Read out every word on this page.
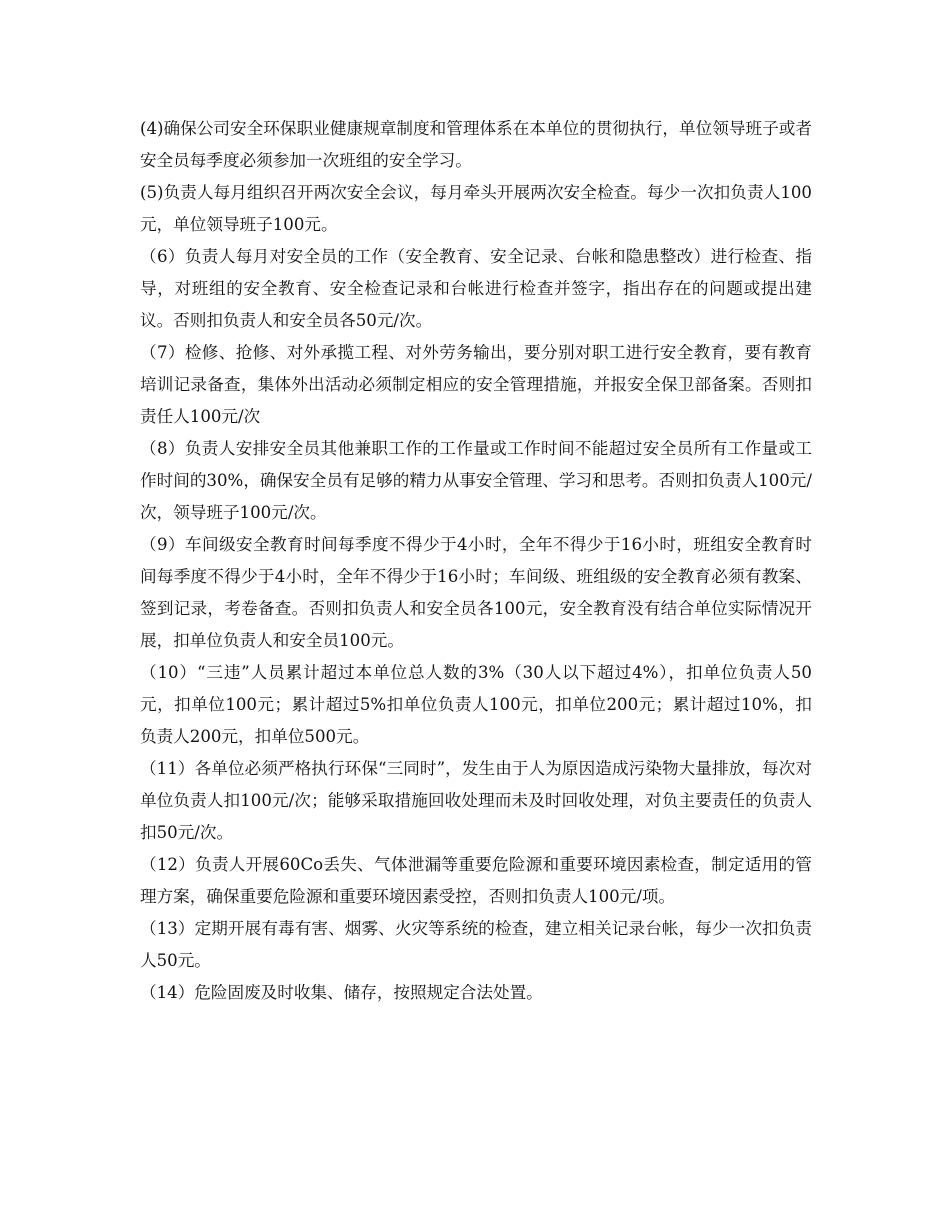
(4)确保公司安全环保职业健康规章制度和管理体系在本单位的贯彻执行，单位领导班子或者安全员每季度必须参加一次班组的安全学习。

(5)负责人每月组织召开两次安全会议，每月牵头开展两次安全检查。每少一次扣负责人100元，单位领导班子100元。

（6）负责人每月对安全员的工作（安全教育、安全记录、台帐和隐患整改）进行检查、指导，对班组的安全教育、安全检查记录和台帐进行检查并签字，指出存在的问题或提出建议。否则扣负责人和安全员各50元/次。

（7）检修、抢修、对外承揽工程、对外劳务输出，要分别对职工进行安全教育，要有教育培训记录备查，集体外出活动必须制定相应的安全管理措施，并报安全保卫部备案。否则扣责任人100元/次

（8）负责人安排安全员其他兼职工作的工作量或工作时间不能超过安全员所有工作量或工作时间的30%，确保安全员有足够的精力从事安全管理、学习和思考。否则扣负责人100元/次，领导班子100元/次。

（9）车间级安全教育时间每季度不得少于4小时，全年不得少于16小时，班组安全教育时间每季度不得少于4小时，全年不得少于16小时；车间级、班组级的安全教育必须有教案、签到记录，考卷备查。否则扣负责人和安全员各100元，安全教育没有结合单位实际情况开展，扣单位负责人和安全员100元。

（10）“三违”人员累计超过本单位总人数的3%（30人以下超过4%），扣单位负责人50元，扣单位100元；累计超过5%扣单位负责人100元，扣单位200元；累计超过10%，扣负责人200元，扣单位500元。

（11）各单位必须严格执行环保“三同时”，发生由于人为原因造成污染物大量排放，每次对单位负责人扣100元/次；能够采取措施回收处理而未及时回收处理，对负主要责任的负责人扣50元/次。

（12）负责人开展60Co丢失、气体泄漏等重要危险源和重要环境因素检查，制定适用的管理方案，确保重要危险源和重要环境因素受控，否则扣负责人100元/项。

（13）定期开展有毒有害、烟雾、火灾等系统的检查，建立相关记录台帐，每少一次扣负责人50元。

（14）危险固废及时收集、储存，按照规定合法处置。
